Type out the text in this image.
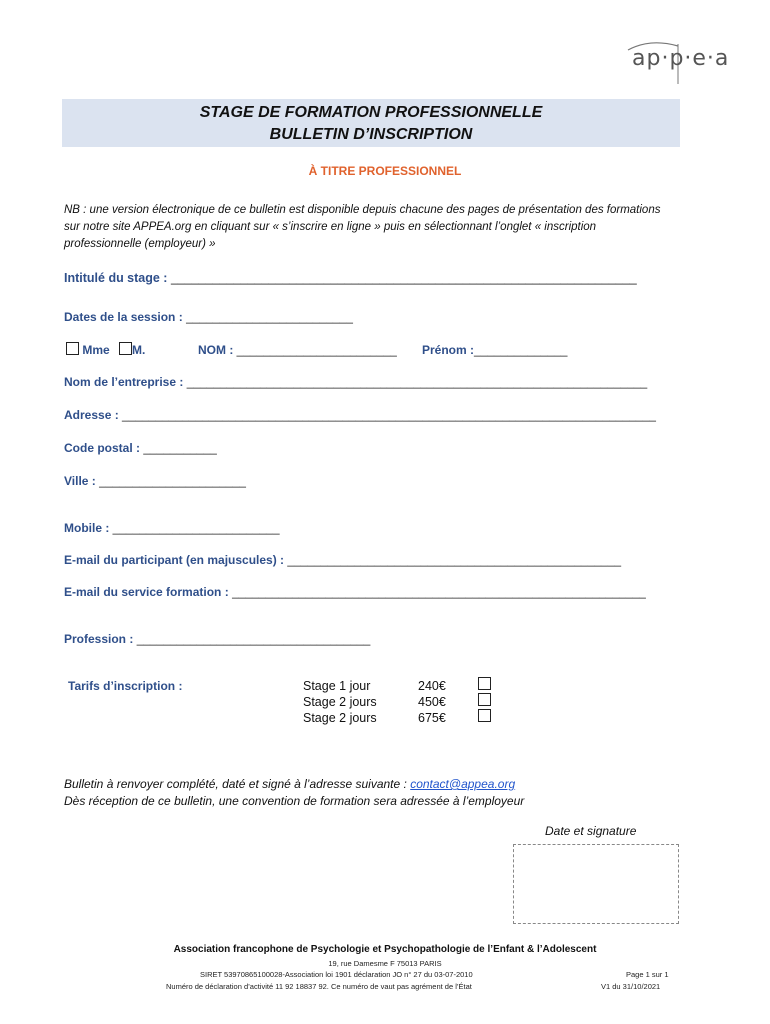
ap·p·e·a
STAGE DE FORMATION PROFESSIONNELLE
BULLETIN D’INSCRIPTION
À TITRE PROFESSIONNEL
NB : une version électronique de ce bulletin est disponible depuis chacune des pages de présentation des formations
sur notre site APPEA.org en cliquant sur « s’inscrire en ligne » puis en sélectionnant l’onglet « inscription
professionnelle (employeur) »
Intitulé du stage : ___________________________________________________________________
Dates de la session : _________________________
Mme M.	NOM : ________________________ Prénom :______________
Nom de l’entreprise : _____________________________________________________________________
Adresse : ________________________________________________________________________________
Code postal : ___________
Ville : ______________________
Mobile : _________________________
E-mail du participant (en majuscules) : __________________________________________________
E-mail du service formation : ______________________________________________________________
Profession : ___________________________________
Tarifs d’inscription :	Stage 1 jour
Stage 2 jours
Stage 2 jours
240€
450€
675€
Bulletin à renvoyer complété, daté et signé à l’adresse suivante : contact@appea.org
Dès réception de ce bulletin, une convention de formation sera adressée à l’employeur
Date et signature
Association francophone de Psychologie et Psychopathologie de l’Enfant & l’Adolescent
19, rue Damesme F 75013 PARIS
SIRET 53970865100028-Association loi 1901 déclaration JO n° 27 du 03-07-2010
Numéro de déclaration d’activité 11 92 18837 92. Ce numéro de vaut pas agrément de l’État
Page 1 sur 1
V1 du 31/10/2021
